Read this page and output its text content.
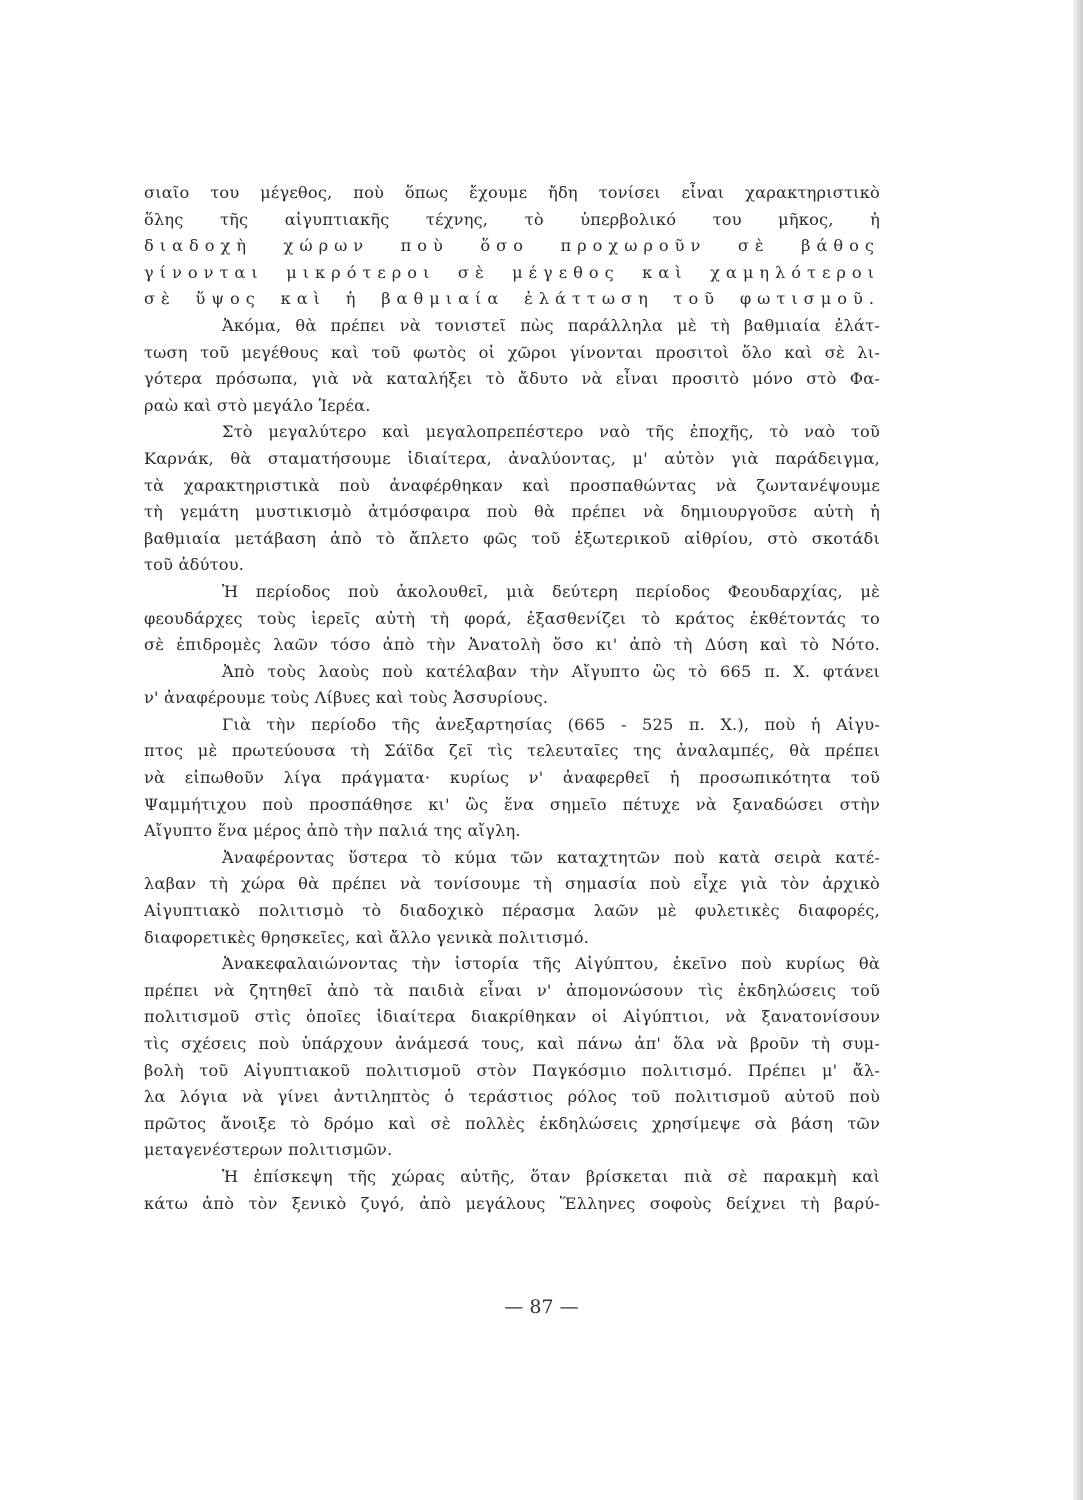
σιαῖο του μέγεθος, ποὺ ὅπως ἔχουμε ἤδη τονίσει εἶναι χαρακτηριστικὸ
ὅλης τῆς αἰγυπτιακῆς τέχνης, τὸ ὑπερβολικό του μῆκος, ἡ
διαδοχὴ χώρων ποὺ ὅσο προχωροῦν σὲ βάθος
γίνονται μικρότεροι σὲ μέγεθος καὶ χαμηλότεροι
σὲ ὕψος καὶ ἡ βαθμιαία ἐλάττωση τοῦ φωτισμοῦ.
Ἀκόμα, θὰ πρέπει νὰ τονιστεῖ πὼς παράλληλα μὲ τὴ βαθμιαία ἐλάτ-
τωση τοῦ μεγέθους καὶ τοῦ φωτὸς οἱ χῶροι γίνονται προσιτοὶ ὅλο καὶ σὲ λι-
γότερα πρόσωπα, γιὰ νὰ καταλήξει τὸ ἄδυτο νὰ εἶναι προσιτὸ μόνο στὸ Φα-
ραὼ καὶ στὸ μεγάλο Ἱερέα.
Στὸ μεγαλύτερο καὶ μεγαλοπρεπέστερο ναὸ τῆς ἐποχῆς, τὸ ναὸ τοῦ
Καρνάκ, θὰ σταματήσουμε ἰδιαίτερα, ἀναλύοντας, μ' αὐτὸν γιὰ παράδειγμα,
τὰ χαρακτηριστικὰ ποὺ ἀναφέρθηκαν καὶ προσπαθώντας νὰ ζωντανέψουμε
τὴ γεμάτη μυστικισμὸ ἀτμόσφαιρα ποὺ θὰ πρέπει νὰ δημιουργοῦσε αὐτὴ ἡ
βαθμιαία μετάβαση ἀπὸ τὸ ἄπλετο φῶς τοῦ ἐξωτερικοῦ αἰθρίου, στὸ σκοτάδι
τοῦ ἀδύτου.
Ἡ περίοδος ποὺ ἀκολουθεῖ, μιὰ δεύτερη περίοδος Φεουδαρχίας, μὲ
φεουδάρχες τοὺς ἱερεῖς αὐτὴ τὴ φορά, ἐξασθενίζει τὸ κράτος ἐκθέτοντάς το
σὲ ἐπιδρομὲς λαῶν τόσο ἀπὸ τὴν Ἀνατολὴ ὅσο κι' ἀπὸ τὴ Δύση καὶ τὸ Νότο.
Ἀπὸ τοὺς λαοὺς ποὺ κατέλαβαν τὴν Αἴγυπτο ὣς τὸ 665 π. Χ. φτάνει
ν' ἀναφέρουμε τοὺς Λίβυες καὶ τοὺς Ἀσσυρίους.
Γιὰ τὴν περίοδο τῆς ἀνεξαρτησίας (665 - 525 π. Χ.), ποὺ ἡ Αἰγυ-
πτος μὲ πρωτεύουσα τὴ Σάϊδα ζεῖ τὶς τελευταῖες της ἀναλαμπές, θὰ πρέπει
νὰ εἰπωθοῦν λίγα πράγματα· κυρίως ν' ἀναφερθεῖ ἡ προσωπικότητα τοῦ
Ψαμμήτιχου ποὺ προσπάθησε κι' ὣς ἕνα σημεῖο πέτυχε νὰ ξαναδώσει στὴν
Αἴγυπτο ἕνα μέρος ἀπὸ τὴν παλιά της αἴγλη.
Ἀναφέροντας ὕστερα τὸ κύμα τῶν καταχτητῶν ποὺ κατὰ σειρὰ κατέ-
λαβαν τὴ χώρα θὰ πρέπει νὰ τονίσουμε τὴ σημασία ποὺ εἶχε γιὰ τὸν ἀρχικὸ
Αἰγυπτιακὸ πολιτισμὸ τὸ διαδοχικὸ πέρασμα λαῶν μὲ φυλετικὲς διαφορές,
διαφορετικὲς θρησκεῖες, καὶ ἄλλο γενικὰ πολιτισμό.
Ἀνακεφαλαιώνοντας τὴν ἱστορία τῆς Αἰγύπτου, ἐκεῖνο ποὺ κυρίως θὰ
πρέπει νὰ ζητηθεῖ ἀπὸ τὰ παιδιὰ εἶναι ν' ἀπομονώσουν τὶς ἐκδηλώσεις τοῦ
πολιτισμοῦ στὶς ὁποῖες ἰδιαίτερα διακρίθηκαν οἱ Αἰγύπτιοι, νὰ ξανατονίσουν
τὶς σχέσεις ποὺ ὑπάρχουν ἀνάμεσά τους, καὶ πάνω ἀπ' ὅλα νὰ βροῦν τὴ συμ-
βολὴ τοῦ Αἰγυπτιακοῦ πολιτισμοῦ στὸν Παγκόσμιο πολιτισμό. Πρέπει μ' ἄλ-
λα λόγια νὰ γίνει ἀντιληπτὸς ὁ τεράστιος ρόλος τοῦ πολιτισμοῦ αὐτοῦ ποὺ
πρῶτος ἄνοιξε τὸ δρόμο καὶ σὲ πολλὲς ἐκδηλώσεις χρησίμεψε σὰ βάση τῶν
μεταγενέστερων πολιτισμῶν.
Ἡ ἐπίσκεψη τῆς χώρας αὐτῆς, ὅταν βρίσκεται πιὰ σὲ παρακμὴ καὶ
κάτω ἀπὸ τὸν ξενικὸ ζυγό, ἀπὸ μεγάλους Ἕλληνες σοφοὺς δείχνει τὴ βαρύ-
— 87 —
